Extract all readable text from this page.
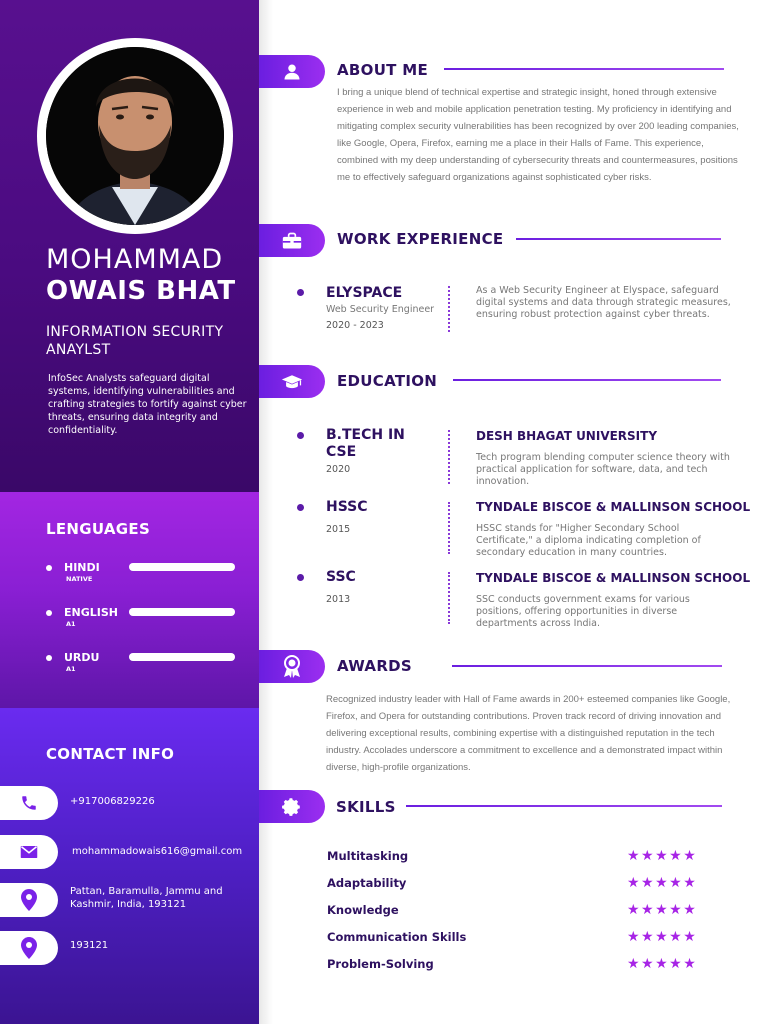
MOHAMMAD
OWAIS BHAT
INFORMATION SECURITY ANAYLST
InfoSec Analysts safeguard digital systems, identifying vulnerabilities and crafting strategies to fortify against cyber threats, ensuring data integrity and confidentiality.
LENGUAGES
HINDI
NATIVE
ENGLISH
A1
URDU
A1
CONTACT INFO
+917006829226
mohammadowais616@gmail.com
Pattan, Baramulla, Jammu and Kashmir, India, 193121
193121
ABOUT ME
I bring a unique blend of technical expertise and strategic insight, honed through extensive experience in web and mobile application penetration testing. My proficiency in identifying and mitigating complex security vulnerabilities has been recognized by over 200 leading companies, like Google, Opera, Firefox, earning me a place in their Halls of Fame. This experience, combined with my deep understanding of cybersecurity threats and countermeasures, positions me to effectively safeguard organizations against sophisticated cyber risks.
WORK EXPERIENCE
ELYSPACE
Web Security Engineer
2020 - 2023
As a Web Security Engineer at Elyspace, safeguard digital systems and data through strategic measures, ensuring robust protection against cyber threats.
EDUCATION
B.TECH IN CSE
2020
DESH BHAGAT UNIVERSITY
Tech program blending computer science theory with practical application for software, data, and tech innovation.
HSSC
2015
TYNDALE BISCOE & MALLINSON SCHOOL
HSSC stands for "Higher Secondary School Certificate," a diploma indicating completion of secondary education in many countries.
SSC
2013
TYNDALE BISCOE & MALLINSON SCHOOL
SSC conducts government exams for various positions, offering opportunities in diverse departments across India.
AWARDS
Recognized industry leader with Hall of Fame awards in 200+ esteemed companies like Google, Firefox, and Opera for outstanding contributions. Proven track record of driving innovation and delivering exceptional results, combining expertise with a distinguished reputation in the tech industry. Accolades underscore a commitment to excellence and a demonstrated impact within diverse, high-profile organizations.
SKILLS
Multitasking	★★★★★
Adaptability	★★★★★
Knowledge	★★★★★
Communication Skills	★★★★★
Problem-Solving	★★★★★
